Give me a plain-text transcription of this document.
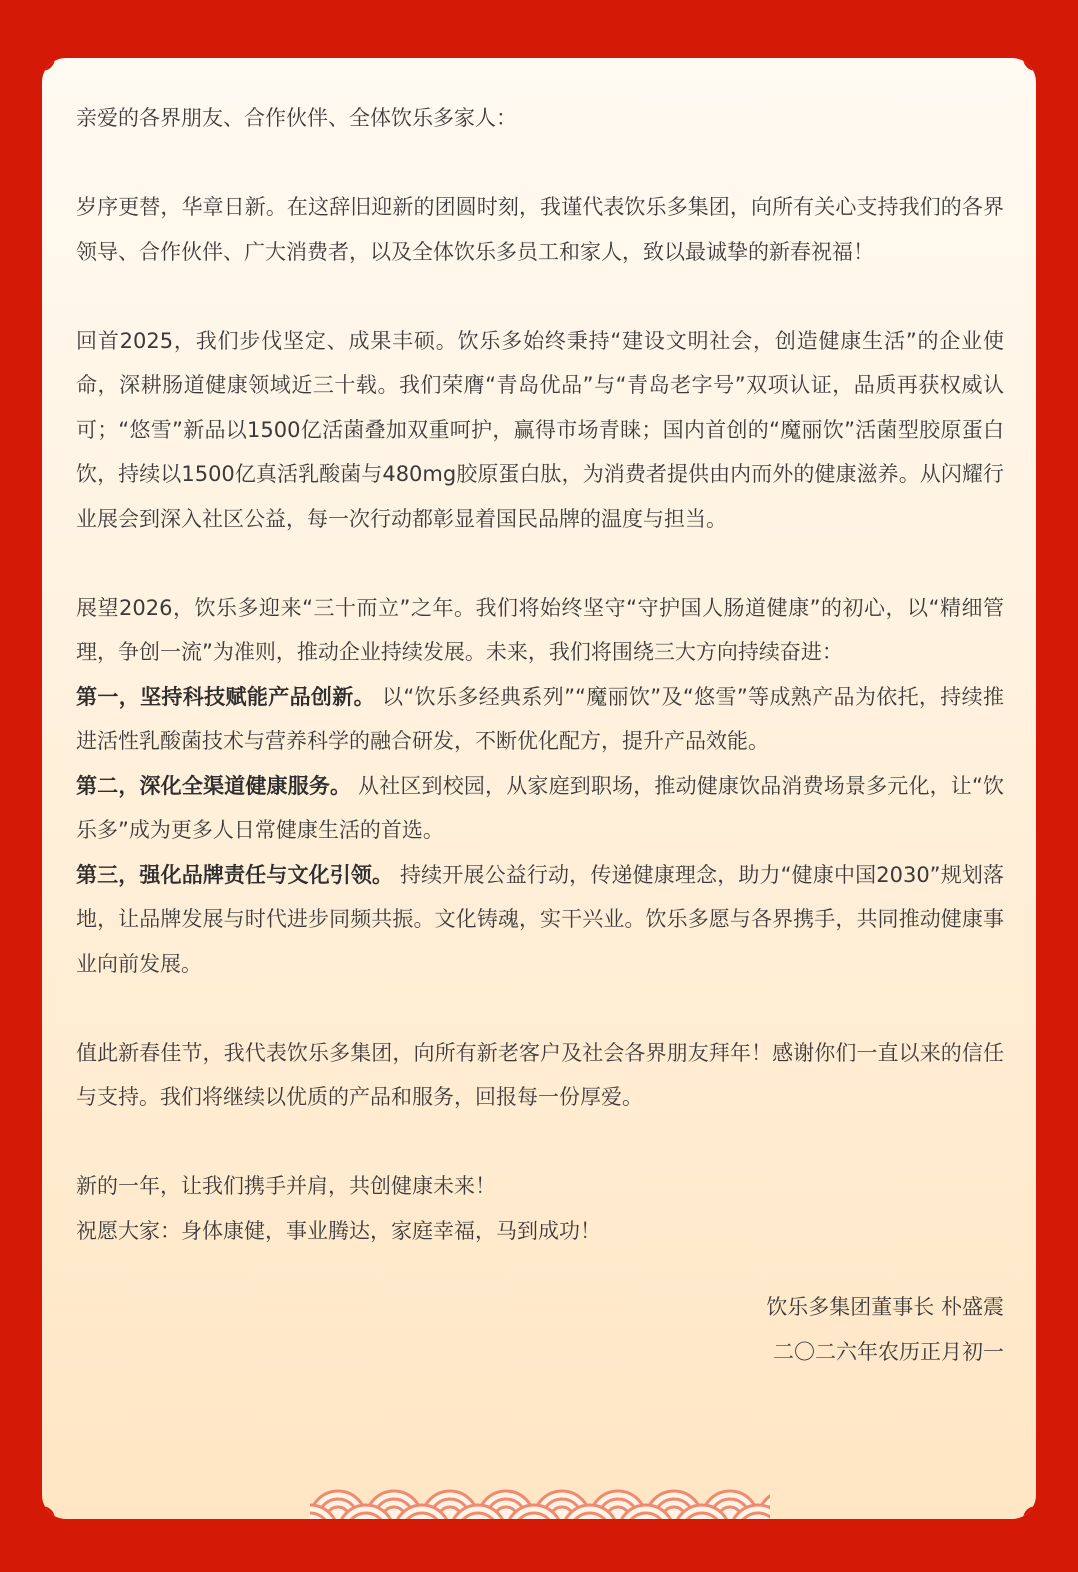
亲爱的各界朋友、合作伙伴、全体饮乐多家人：

岁序更替，华章日新。在这辞旧迎新的团圆时刻，我谨代表饮乐多集团，向所有关心支持我们的各界领导、合作伙伴、广大消费者，以及全体饮乐多员工和家人，致以最诚挚的新春祝福！

回首2025，我们步伐坚定、成果丰硕。饮乐多始终秉持“建设文明社会，创造健康生活”的企业使命，深耕肠道健康领域近三十载。我们荣膺“青岛优品”与“青岛老字号”双项认证，品质再获权威认可；“悠雪”新品以1500亿活菌叠加双重呵护，赢得市场青睐；国内首创的“魔丽饮”活菌型胶原蛋白饮，持续以1500亿真活乳酸菌与480mg胶原蛋白肽，为消费者提供由内而外的健康滋养。从闪耀行业展会到深入社区公益，每一次行动都彰显着国民品牌的温度与担当。

展望2026，饮乐多迎来“三十而立”之年。我们将始终坚守“守护国人肠道健康”的初心，以“精细管理，争创一流”为准则，推动企业持续发展。未来，我们将围绕三大方向持续奋进：

第一，坚持科技赋能产品创新。 以“饮乐多经典系列”“魔丽饮”及“悠雪”等成熟产品为依托，持续推进活性乳酸菌技术与营养科学的融合研发，不断优化配方，提升产品效能。

第二，深化全渠道健康服务。 从社区到校园，从家庭到职场，推动健康饮品消费场景多元化，让“饮乐多”成为更多人日常健康生活的首选。

第三，强化品牌责任与文化引领。 持续开展公益行动，传递健康理念，助力“健康中国2030”规划落地，让品牌发展与时代进步同频共振。文化铸魂，实干兴业。饮乐多愿与各界携手，共同推动健康事业向前发展。

值此新春佳节，我代表饮乐多集团，向所有新老客户及社会各界朋友拜年！感谢你们一直以来的信任与支持。我们将继续以优质的产品和服务，回报每一份厚爱。

新的一年，让我们携手并肩，共创健康未来！

祝愿大家：身体康健，事业腾达，家庭幸福，马到成功！

饮乐多集团董事长 朴盛震
二〇二六年农历正月初一
